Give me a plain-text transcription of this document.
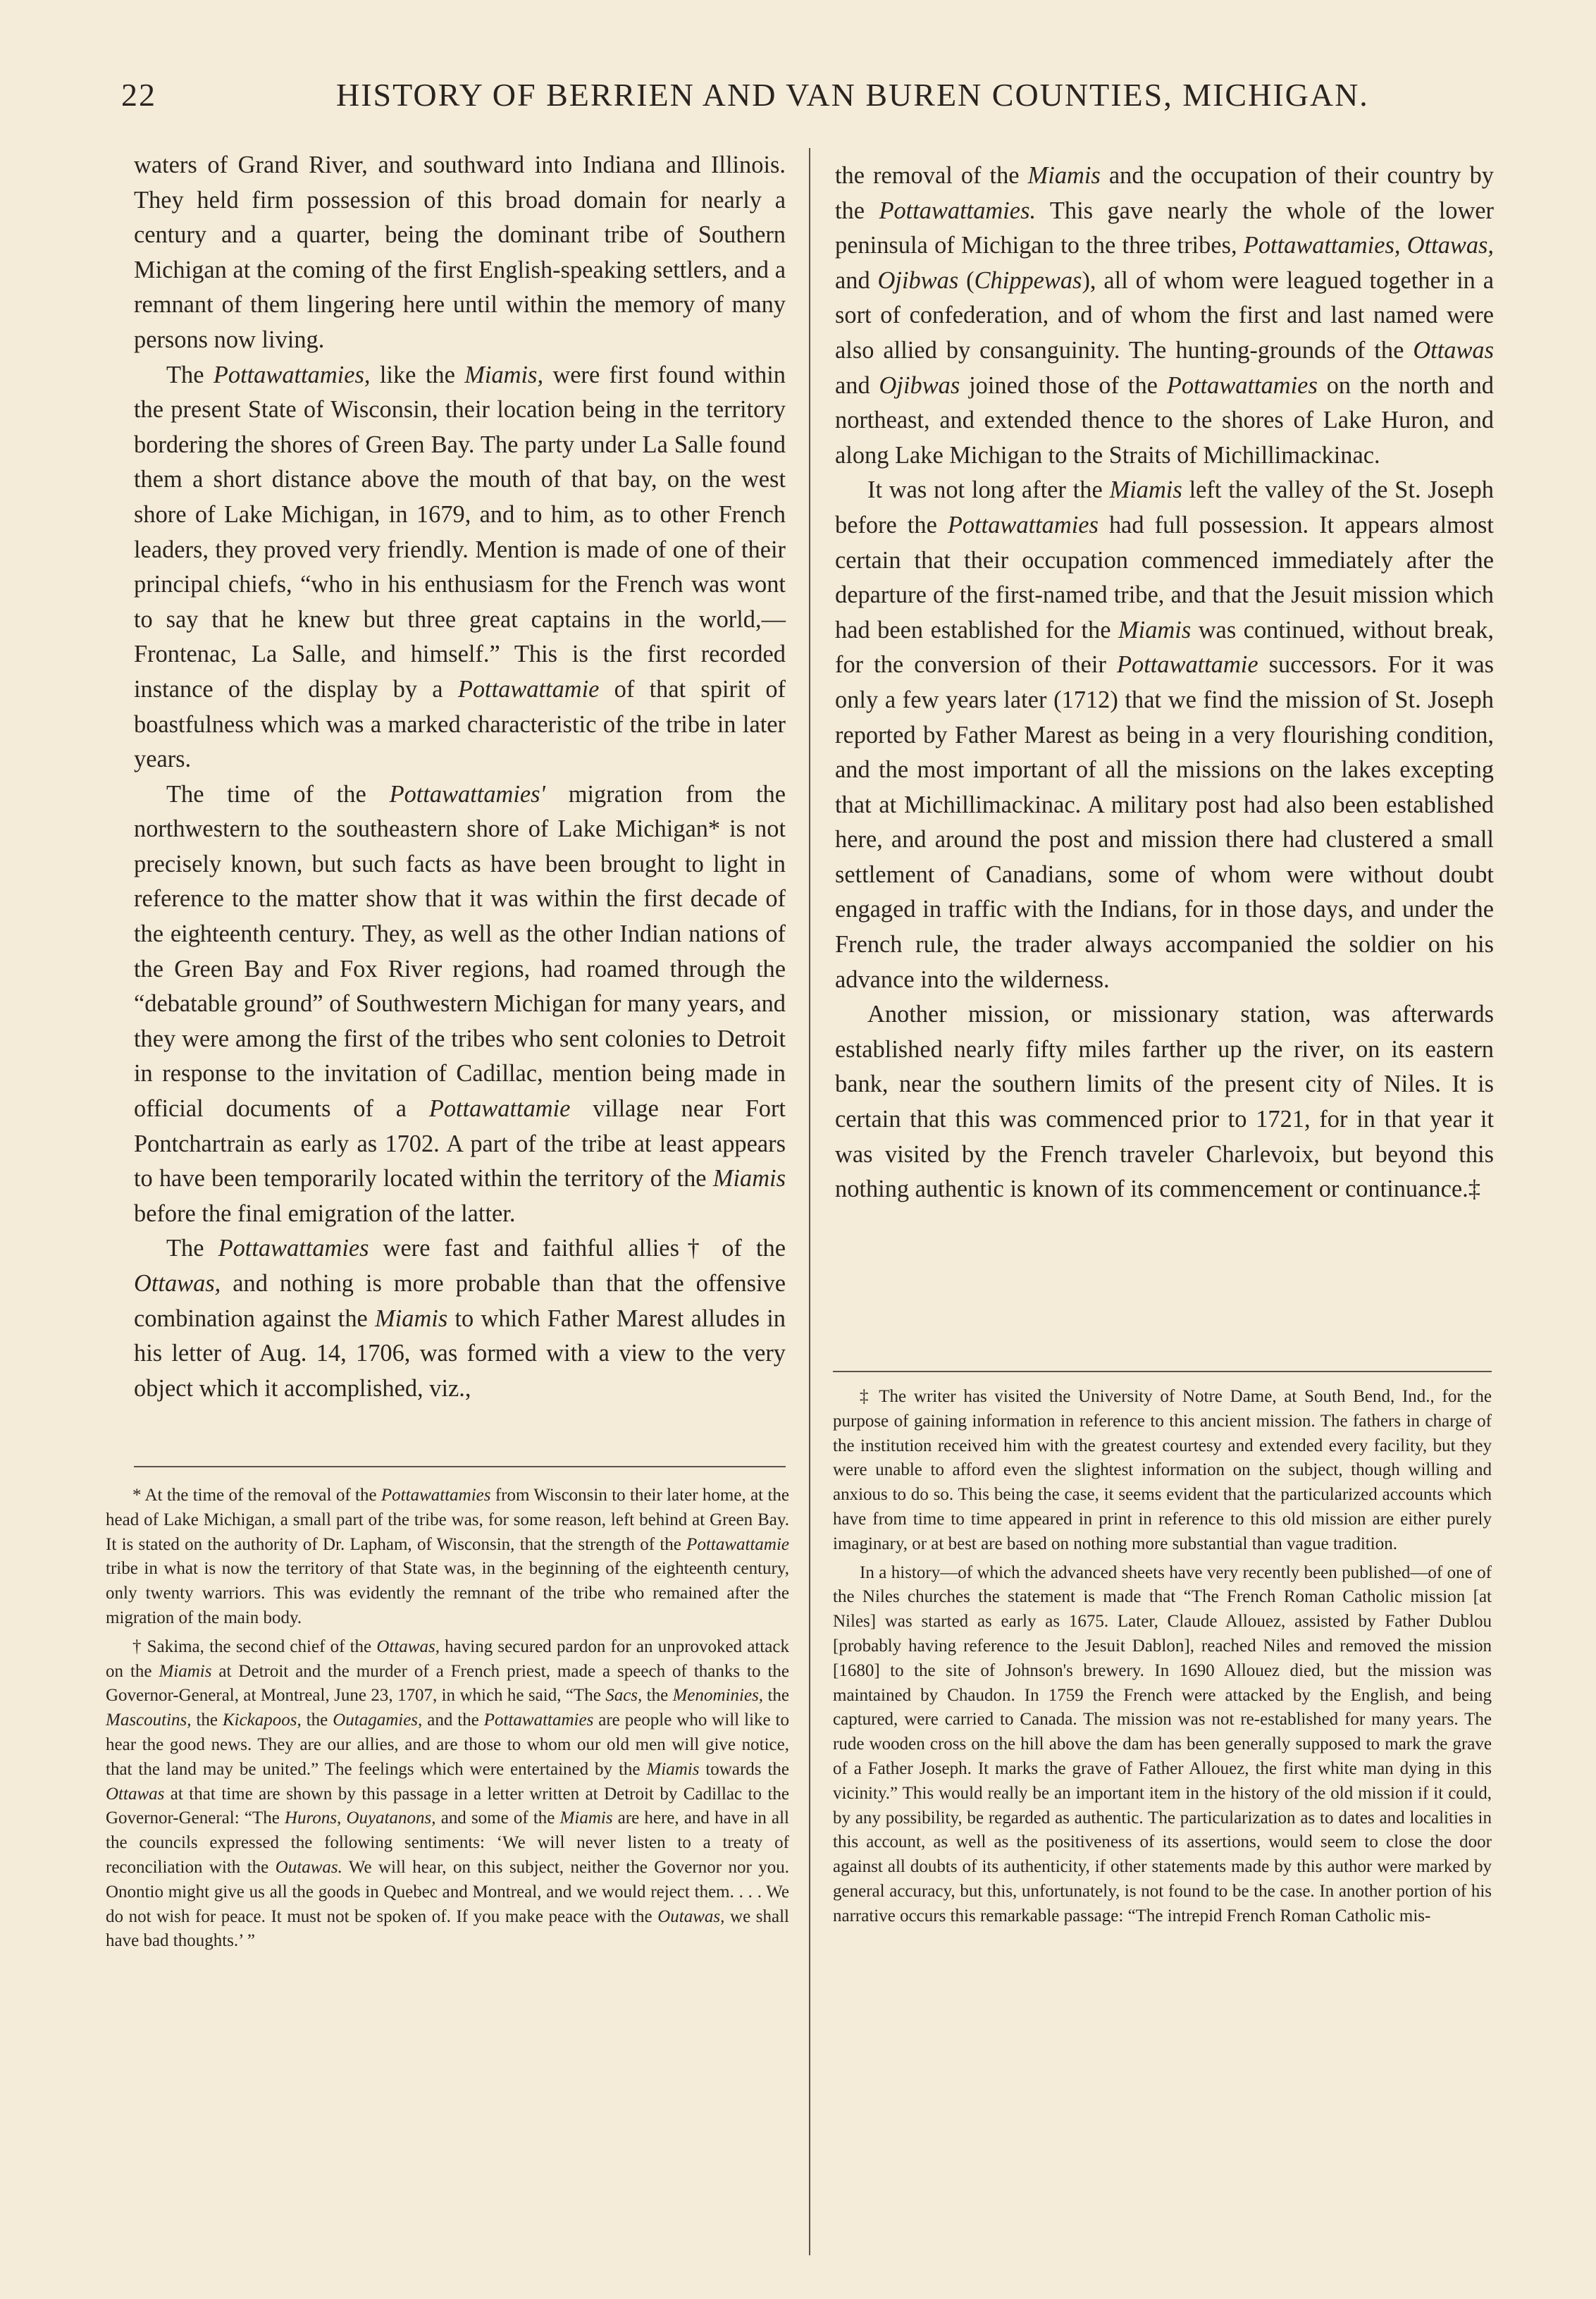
22	HISTORY OF BERRIEN AND VAN BUREN COUNTIES, MICHIGAN.

waters of Grand River, and southward into Indiana and Illinois. They held firm possession of this broad domain for nearly a century and a quarter, being the dominant tribe of Southern Michigan at the coming of the first English-speaking settlers, and a remnant of them lingering here until within the memory of many persons now living.

The Pottawattamies, like the Miamis, were first found within the present State of Wisconsin, their location being in the territory bordering the shores of Green Bay. The party under La Salle found them a short distance above the mouth of that bay, on the west shore of Lake Michigan, in 1679, and to him, as to other French leaders, they proved very friendly. Mention is made of one of their principal chiefs, “who in his enthusiasm for the French was wont to say that he knew but three great captains in the world,— Frontenac, La Salle, and himself.” This is the first recorded instance of the display by a Pottawattamie of that spirit of boastfulness which was a marked characteristic of the tribe in later years.

The time of the Pottawattamies' migration from the northwestern to the southeastern shore of Lake Michigan* is not precisely known, but such facts as have been brought to light in reference to the matter show that it was within the first decade of the eighteenth century. They, as well as the other Indian nations of the Green Bay and Fox River regions, had roamed through the “debatable ground” of Southwestern Michigan for many years, and they were among the first of the tribes who sent colonies to Detroit in response to the invitation of Cadillac, mention being made in official documents of a Pottawattamie village near Fort Pontchartrain as early as 1702. A part of the tribe at least appears to have been temporarily located within the territory of the Miamis before the final emigration of the latter.

The Pottawattamies were fast and faithful allies† of the Ottawas, and nothing is more probable than that the offensive combination against the Miamis to which Father Marest alludes in his letter of Aug. 14, 1706, was formed with a view to the very object which it accomplished, viz.,

the removal of the Miamis and the occupation of their country by the Pottawattamies. This gave nearly the whole of the lower peninsula of Michigan to the three tribes, Pottawattamies, Ottawas, and Ojibwas (Chippewas), all of whom were leagued together in a sort of confederation, and of whom the first and last named were also allied by consanguinity. The hunting-grounds of the Ottawas and Ojibwas joined those of the Pottawattamies on the north and northeast, and extended thence to the shores of Lake Huron, and along Lake Michigan to the Straits of Michillimackinac.

It was not long after the Miamis left the valley of the St. Joseph before the Pottawattamies had full possession. It appears almost certain that their occupation commenced immediately after the departure of the first-named tribe, and that the Jesuit mission which had been established for the Miamis was continued, without break, for the conversion of their Pottawattamie successors. For it was only a few years later (1712) that we find the mission of St. Joseph reported by Father Marest as being in a very flourishing condition, and the most important of all the missions on the lakes excepting that at Michillimackinac. A military post had also been established here, and around the post and mission there had clustered a small settlement of Canadians, some of whom were without doubt engaged in traffic with the Indians, for in those days, and under the French rule, the trader always accompanied the soldier on his advance into the wilderness.

Another mission, or missionary station, was afterwards established nearly fifty miles farther up the river, on its eastern bank, near the southern limits of the present city of Niles. It is certain that this was commenced prior to 1721, for in that year it was visited by the French traveler Charlevoix, but beyond this nothing authentic is known of its commencement or continuance.‡

* At the time of the removal of the Pottawattamies from Wisconsin to their later home, at the head of Lake Michigan, a small part of the tribe was, for some reason, left behind at Green Bay. It is stated on the authority of Dr. Lapham, of Wisconsin, that the strength of the Pottawattamie tribe in what is now the territory of that State was, in the beginning of the eighteenth century, only twenty warriors. This was evidently the remnant of the tribe who remained after the migration of the main body.

† Sakima, the second chief of the Ottawas, having secured pardon for an unprovoked attack on the Miamis at Detroit and the murder of a French priest, made a speech of thanks to the Governor-General, at Montreal, June 23, 1707, in which he said, “The Sacs, the Menominies, the Mascoutins, the Kickapoos, the Outagamies, and the Pottawattamies are people who will like to hear the good news. They are our allies, and are those to whom our old men will give notice, that the land may be united.” The feelings which were entertained by the Miamis towards the Ottawas at that time are shown by this passage in a letter written at Detroit by Cadillac to the Governor-General: “The Hurons, Ouyatanons, and some of the Miamis are here, and have in all the councils expressed the following sentiments: ‘We will never listen to a treaty of reconciliation with the Outawas. We will hear, on this subject, neither the Governor nor you. Onontio might give us all the goods in Quebec and Montreal, and we would reject them. . . . We do not wish for peace. It must not be spoken of. If you make peace with the Outawas, we shall have bad thoughts.’ ”

‡ The writer has visited the University of Notre Dame, at South Bend, Ind., for the purpose of gaining information in reference to this ancient mission. The fathers in charge of the institution received him with the greatest courtesy and extended every facility, but they were unable to afford even the slightest information on the subject, though willing and anxious to do so. This being the case, it seems evident that the particularized accounts which have from time to time appeared in print in reference to this old mission are either purely imaginary, or at best are based on nothing more substantial than vague tradition.

In a history—of which the advanced sheets have very recently been published—of one of the Niles churches the statement is made that “The French Roman Catholic mission [at Niles] was started as early as 1675. Later, Claude Allouez, assisted by Father Dublou [probably having reference to the Jesuit Dablon], reached Niles and removed the mission [1680] to the site of Johnson's brewery. In 1690 Allouez died, but the mission was maintained by Chaudon. In 1759 the French were attacked by the English, and being captured, were carried to Canada. The mission was not re-established for many years. The rude wooden cross on the hill above the dam has been generally supposed to mark the grave of a Father Joseph. It marks the grave of Father Allouez, the first white man dying in this vicinity.” This would really be an important item in the history of the old mission if it could, by any possibility, be regarded as authentic. The particularization as to dates and localities in this account, as well as the positiveness of its assertions, would seem to close the door against all doubts of its authenticity, if other statements made by this author were marked by general accuracy, but this, unfortunately, is not found to be the case. In another portion of his narrative occurs this remarkable passage: “The intrepid French Roman Catholic mis-
